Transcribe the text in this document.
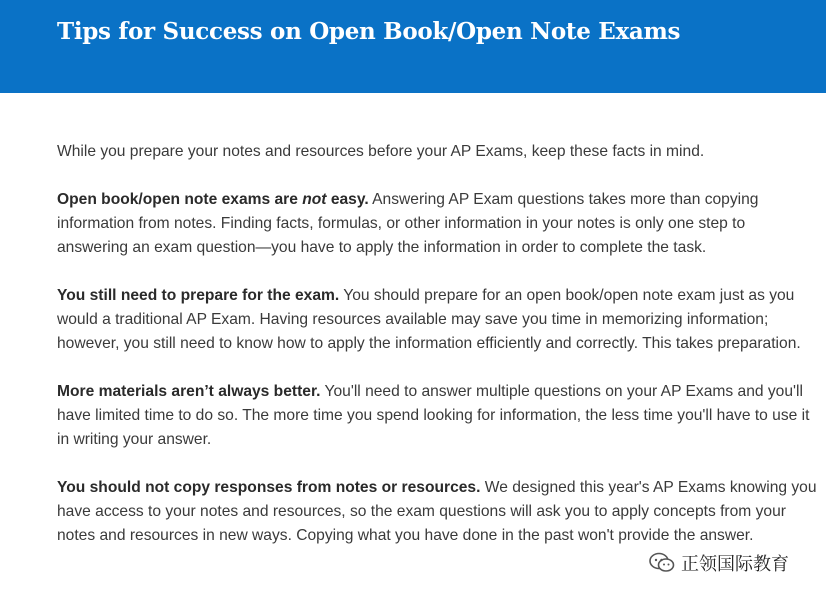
Tips for Success on Open Book/Open Note Exams

While you prepare your notes and resources before your AP Exams, keep these facts in mind.

Open book/open note exams are not easy. Answering AP Exam questions takes more than copying information from notes. Finding facts, formulas, or other information in your notes is only one step to answering an exam question—you have to apply the information in order to complete the task.

You still need to prepare for the exam. You should prepare for an open book/open note exam just as you would a traditional AP Exam. Having resources available may save you time in memorizing information; however, you still need to know how to apply the information efficiently and correctly. This takes preparation.

More materials aren’t always better. You'll need to answer multiple questions on your AP Exams and you'll have limited time to do so. The more time you spend looking for information, the less time you'll have to use it in writing your answer.

You should not copy responses from notes or resources. We designed this year's AP Exams knowing you have access to your notes and resources, so the exam questions will ask you to apply concepts from your notes and resources in new ways. Copying what you have done in the past won't provide the answer.

正领国际教育
